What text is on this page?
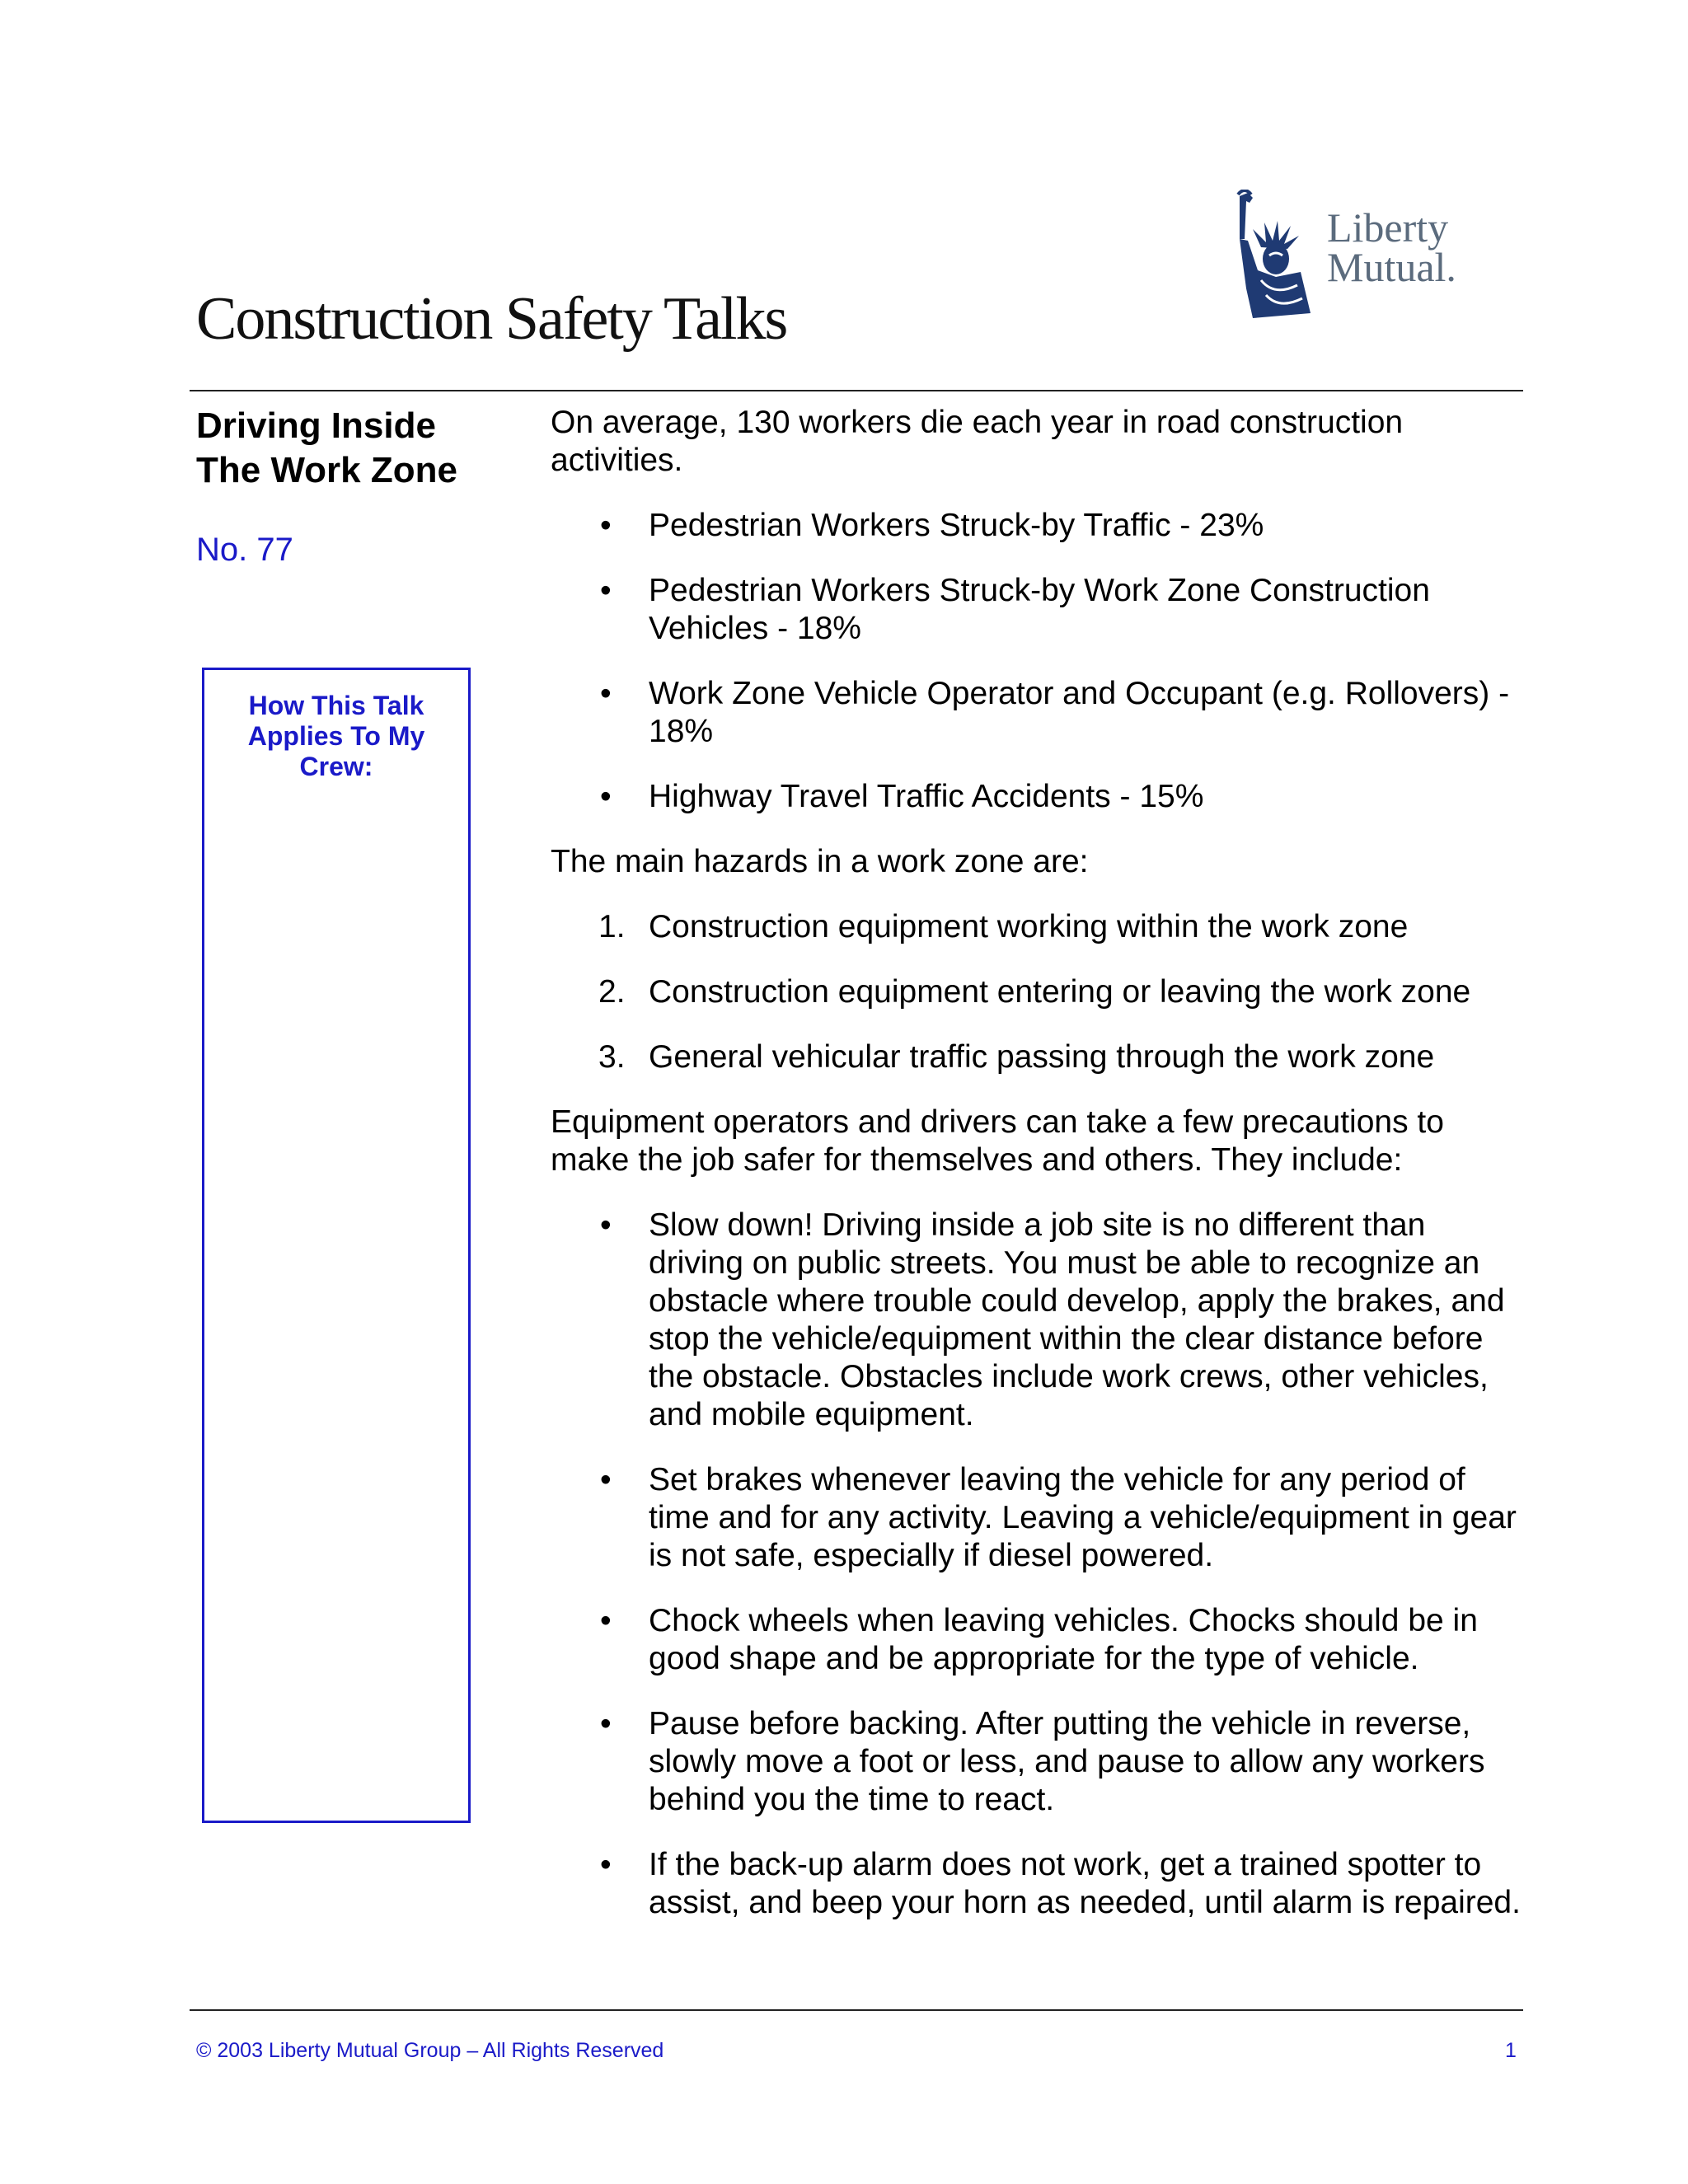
Liberty
Mutual.
Construction Safety Talks
Driving Inside
The Work Zone
No. 77
How This Talk
Applies To My
Crew:

On average, 130 workers die each year in road construction activities.

• Pedestrian Workers Struck-by Traffic - 23%
• Pedestrian Workers Struck-by Work Zone Construction Vehicles - 18%
• Work Zone Vehicle Operator and Occupant (e.g. Rollovers) - 18%
• Highway Travel Traffic Accidents - 15%

The main hazards in a work zone are:

1. Construction equipment working within the work zone
2. Construction equipment entering or leaving the work zone
3. General vehicular traffic passing through the work zone

Equipment operators and drivers can take a few precautions to make the job safer for themselves and others. They include:

• Slow down! Driving inside a job site is no different than driving on public streets. You must be able to recognize an obstacle where trouble could develop, apply the brakes, and stop the vehicle/equipment within the clear distance before the obstacle. Obstacles include work crews, other vehicles, and mobile equipment.
• Set brakes whenever leaving the vehicle for any period of time and for any activity. Leaving a vehicle/equipment in gear is not safe, especially if diesel powered.
• Chock wheels when leaving vehicles. Chocks should be in good shape and be appropriate for the type of vehicle.
• Pause before backing. After putting the vehicle in reverse, slowly move a foot or less, and pause to allow any workers behind you the time to react.
• If the back-up alarm does not work, get a trained spotter to assist, and beep your horn as needed, until alarm is repaired.
© 2003 Liberty Mutual Group – All Rights Reserved	1
